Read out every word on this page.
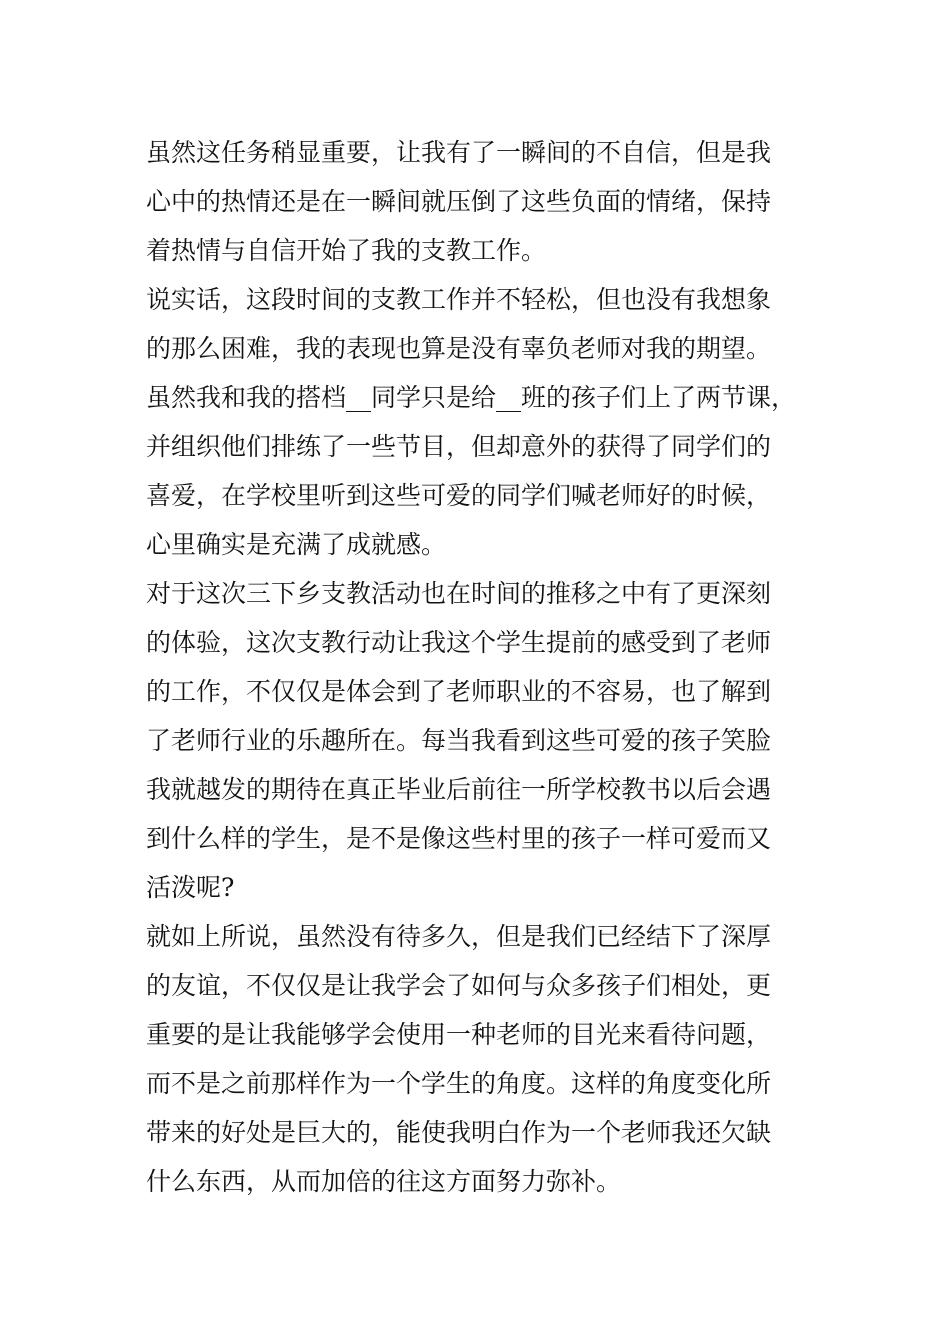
虽然这任务稍显重要，让我有了一瞬间的不自信，但是我
心中的热情还是在一瞬间就压倒了这些负面的情绪，保持
着热情与自信开始了我的支教工作。
说实话，这段时间的支教工作并不轻松，但也没有我想象
的那么困难，我的表现也算是没有辜负老师对我的期望。
虽然我和我的搭档__同学只是给__班的孩子们上了两节课，
并组织他们排练了一些节目，但却意外的获得了同学们的
喜爱，在学校里听到这些可爱的同学们喊老师好的时候，
心里确实是充满了成就感。
对于这次三下乡支教活动也在时间的推移之中有了更深刻
的体验，这次支教行动让我这个学生提前的感受到了老师
的工作，不仅仅是体会到了老师职业的不容易，也了解到
了老师行业的乐趣所在。每当我看到这些可爱的孩子笑脸
我就越发的期待在真正毕业后前往一所学校教书以后会遇
到什么样的学生，是不是像这些村里的孩子一样可爱而又
活泼呢?
就如上所说，虽然没有待多久，但是我们已经结下了深厚
的友谊，不仅仅是让我学会了如何与众多孩子们相处，更
重要的是让我能够学会使用一种老师的目光来看待问题，
而不是之前那样作为一个学生的角度。这样的角度变化所
带来的好处是巨大的，能使我明白作为一个老师我还欠缺
什么东西，从而加倍的往这方面努力弥补。
